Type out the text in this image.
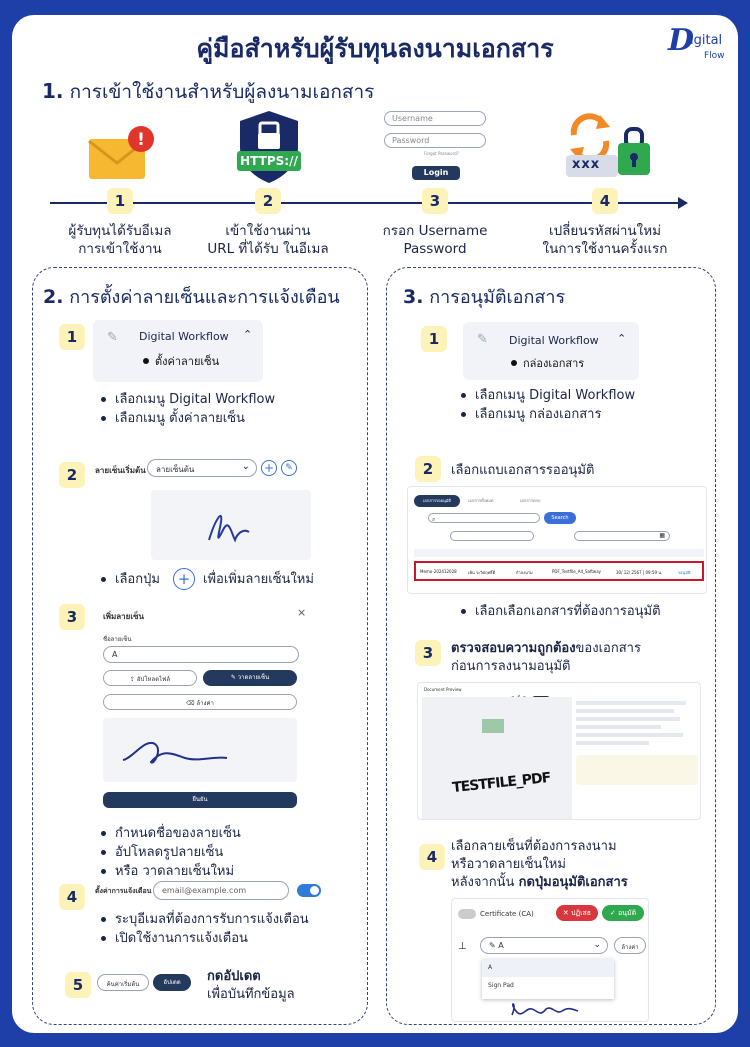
คู่มือสำหรับผู้รับทุนลงนามเอกสาร	D
igital
Flow
1. การเข้าใช้งานสำหรับผู้ลงนามเอกสาร
!
HTTPS://
Username
Password
Forgot Password?
Login
xxx
1	2	3	4
ผู้รับทุนได้รับอีเมล
การเข้าใช้งาน
เข้าใช้งานผ่าน
URL ที่ได้รับ ในอีเมล
กรอก Username
Password
เปลี่ยนรหัสผ่านใหม่
ในการใช้งานครั้งแรก
2. การตั้งค่าลายเซ็นและการแจ้งเตือน
1	✎ Digital Workflow ⌃
ตั้งค่าลายเซ็น
เลือกเมนู Digital Workflow
เลือกเมนู ตั้งค่าลายเซ็น
2	ลายเซ็นเริ่มต้น	ลายเซ็นต้น	⌄ +	✎
เลือกปุ่ม	+ เพื่อเพิ่มลายเซ็นใหม่
3	เพิ่มลายเซ็น	×
ชื่อลายเซ็น
A
⇪ อัปโหลดไฟล์	✎ วาดลายเซ็น
⌫ ล้างค่า
ยืนยัน
กำหนดชื่อของลายเซ็น
อัปโหลดรูปลายเซ็น
หรือ วาดลายเซ็นใหม่
4	ตั้งค่าการแจ้งเตือน	email@example.com
ระบุอีเมลที่ต้องการรับการแจ้งเตือน
เปิดใช้งานการแจ้งเตือน
5	ค้นค่าเริ่มต้น	อัปเดต	กดอัปเดต
เพื่อบันทึกข้อมูล
3. การอนุมัติเอกสาร
1	✎ Digital Workflow ⌃
กล่องเอกสาร
เลือกเมนู Digital Workflow
เลือกเมนู กล่องเอกสาร
2	เลือกแถบเอกสารรออนุมัติ
เอกสารรออนุมัติ	เอกสารทั้งหมด	เอกสารครบ
⌕	Search
▦
Memo-202412028	เพ้น ระวิศฤทธิ์ดี	กำลงนาม	PDF_Testfile_A4_Softway	30/ 12/ 2567 | 09:59 น.	รอนุมัติ
เลือกเลือกเอกสารที่ต้องการอนุมัติ
3	ตรวจสอบความถูกต้องของเอกสาร
ก่อนการลงนามอนุมัติ
Document Preview
TESTFILE_PDF
4
เลือกลายเซ็นที่ต้องการลงนาม
หรือวาดลายเซ็นใหม่
หลังจากนั้น กดปุ่มอนุมัติเอกสาร
Certificate (CA)	✕ ปฏิเสธ	✓ อนุมัติ
⊥	✎ A	⌄	ล้างค่า
A
Sign Pad
